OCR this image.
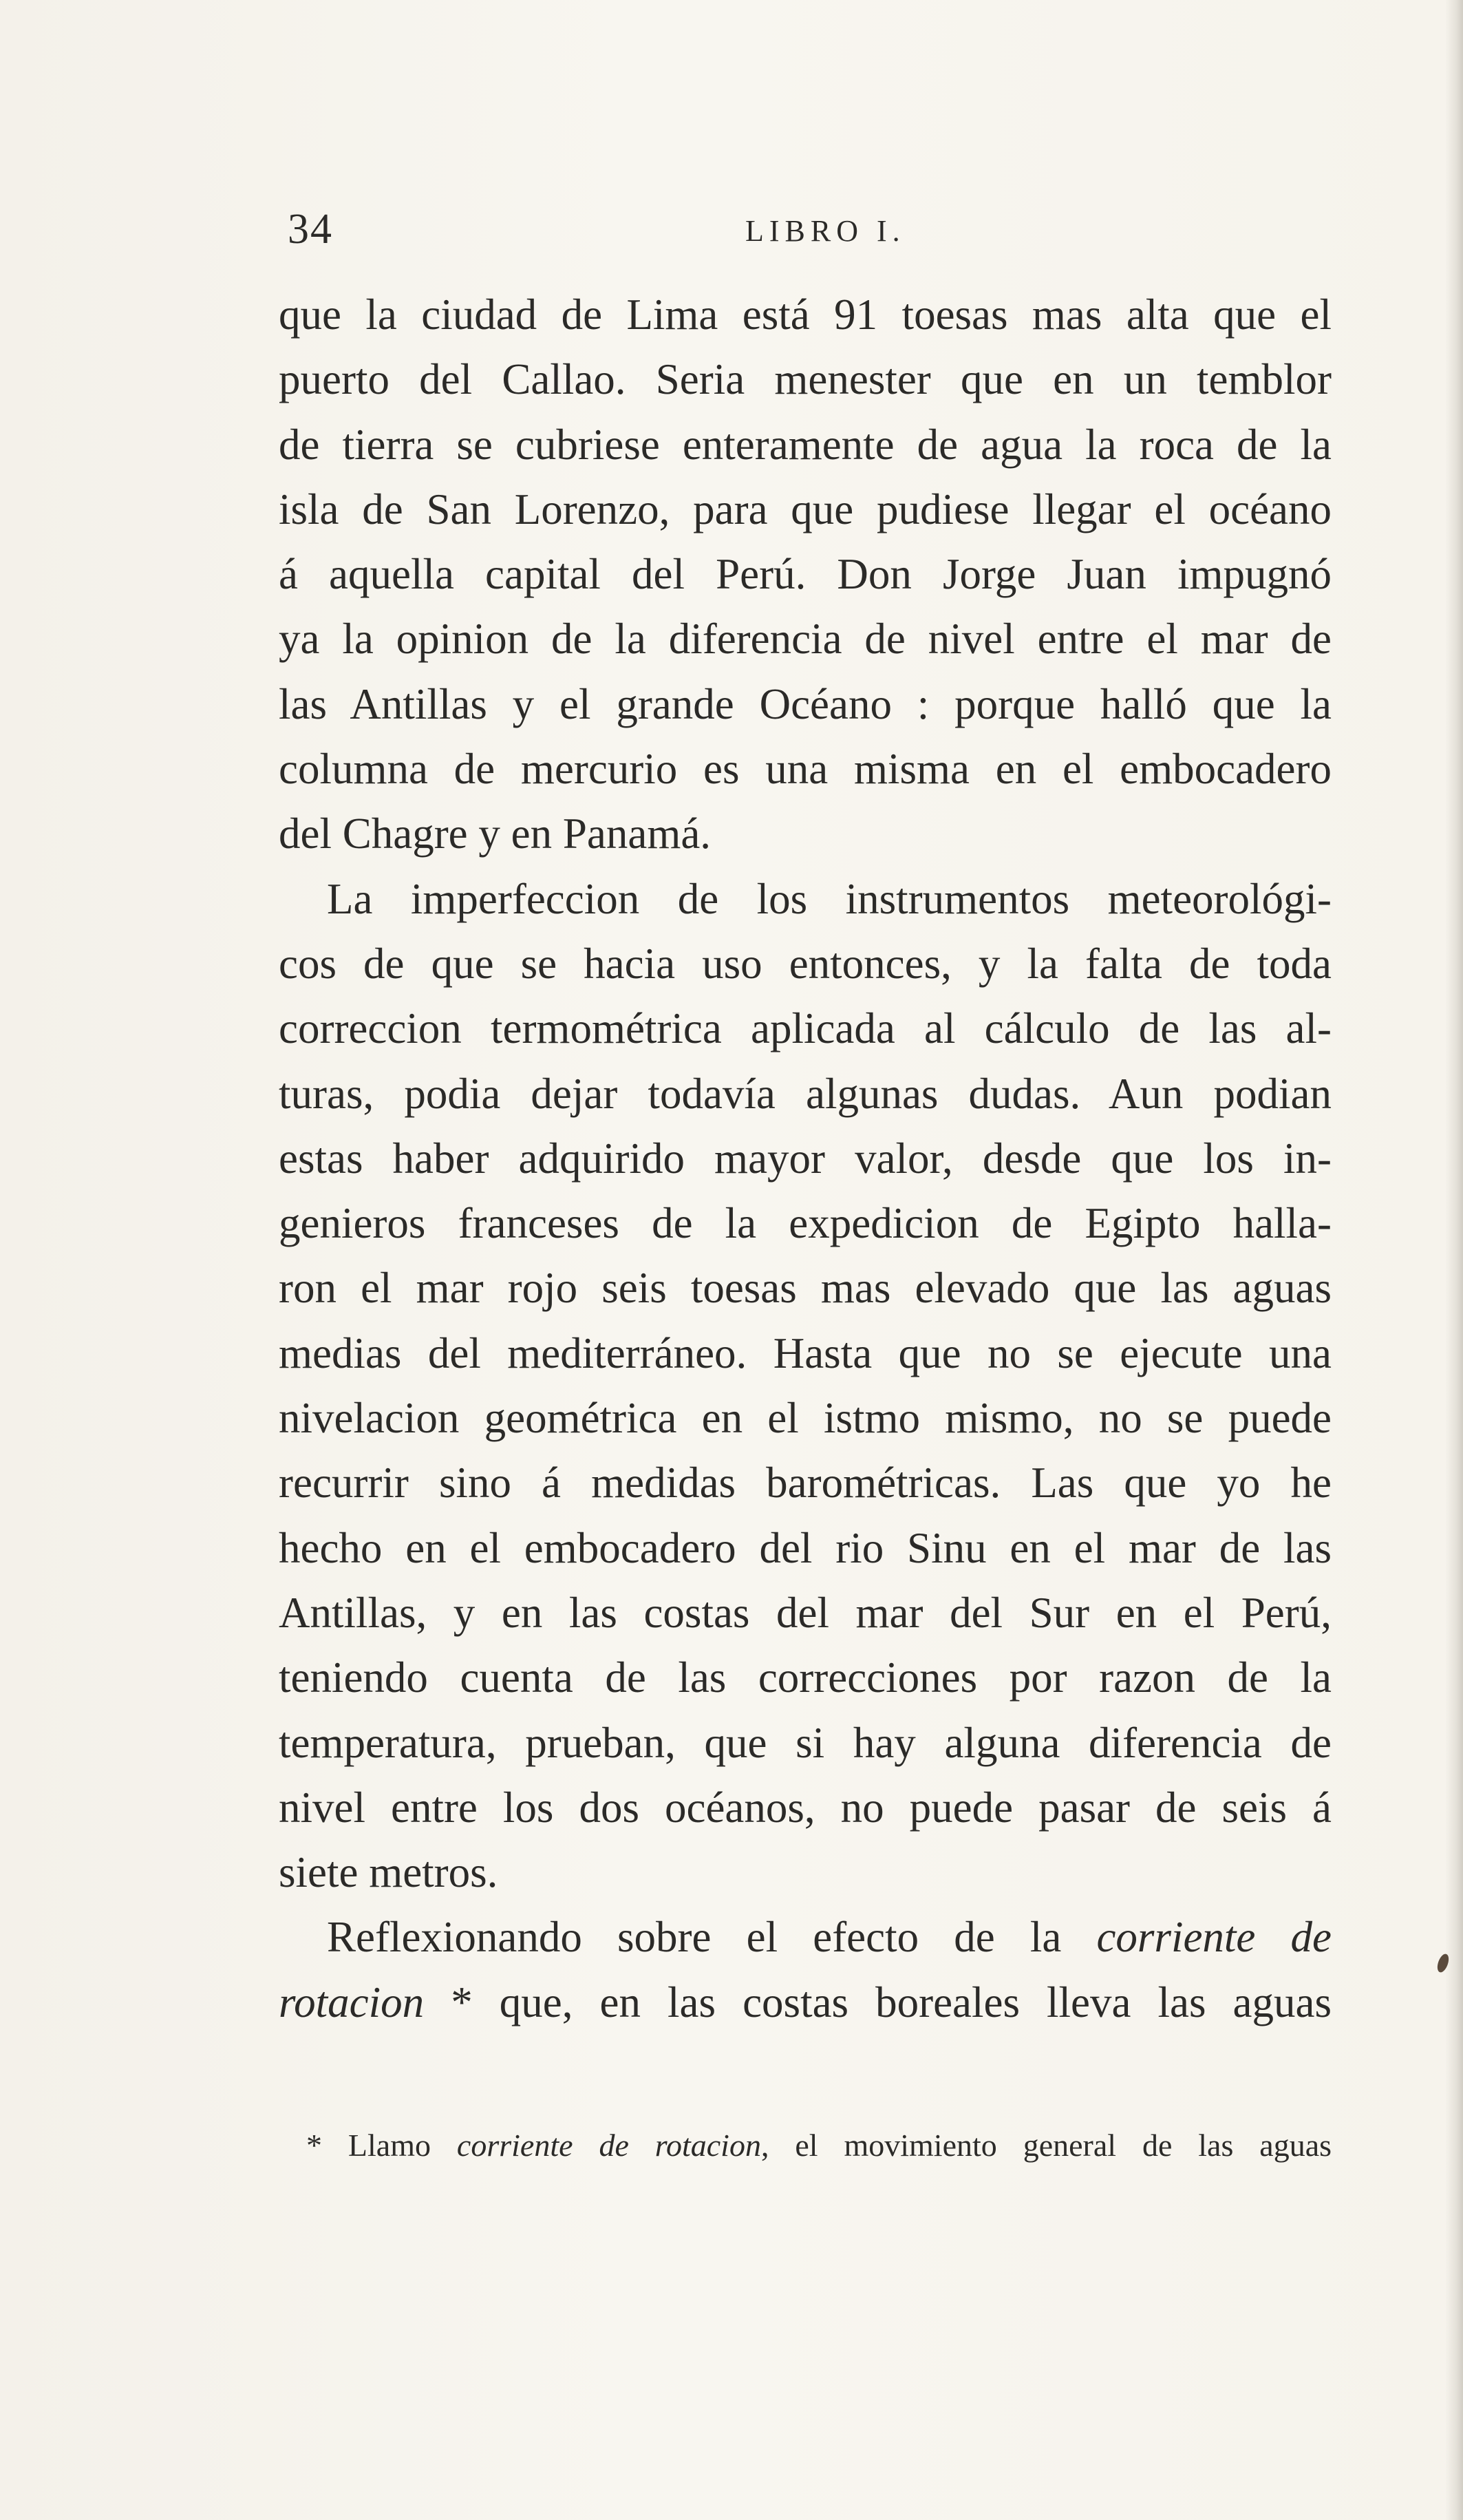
34	LIBRO I.
que la ciudad de Lima está 91 toesas mas alta que el
puerto del Callao. Seria menester que en un temblor
de tierra se cubriese enteramente de agua la roca de la
isla de San Lorenzo, para que pudiese llegar el océano
á aquella capital del Perú. Don Jorge Juan impugnó
ya la opinion de la diferencia de nivel entre el mar de
las Antillas y el grande Océano : porque halló que la
columna de mercurio es una misma en el embocadero
del Chagre y en Panamá.
La imperfeccion de los instrumentos meteorológi-
cos de que se hacia uso entonces, y la falta de toda
correccion termométrica aplicada al cálculo de las al-
turas, podia dejar todavía algunas dudas. Aun podian
estas haber adquirido mayor valor, desde que los in-
genieros franceses de la expedicion de Egipto halla-
ron el mar rojo seis toesas mas elevado que las aguas
medias del mediterráneo. Hasta que no se ejecute una
nivelacion geométrica en el istmo mismo, no se puede
recurrir sino á medidas barométricas. Las que yo he
hecho en el embocadero del rio Sinu en el mar de las
Antillas, y en las costas del mar del Sur en el Perú,
teniendo cuenta de las correcciones por razon de la
temperatura, prueban, que si hay alguna diferencia de
nivel entre los dos océanos, no puede pasar de seis á
siete metros.
Reflexionando sobre el efecto de la corriente de
rotacion * que, en las costas boreales lleva las aguas
* Llamo corriente de rotacion, el movimiento general de las aguas
